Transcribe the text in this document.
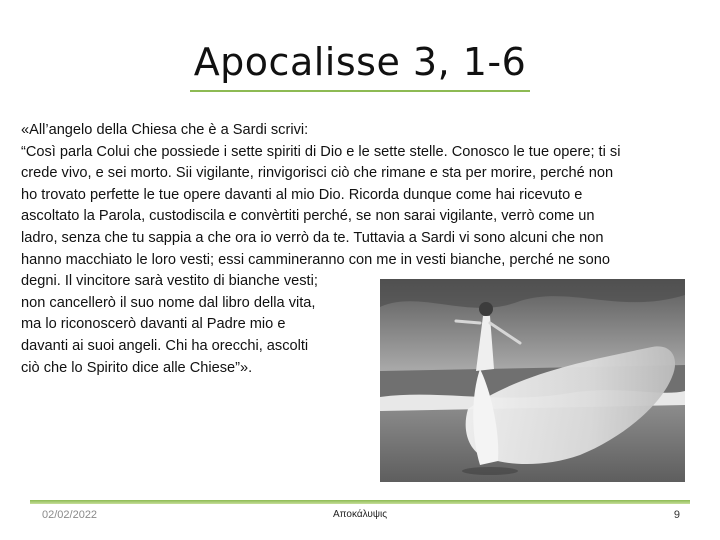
Apocalisse 3, 1-6
«All’angelo della Chiesa che è a Sardi scrivi:
“Così parla Colui che possiede i sette spiriti di Dio e le sette stelle. Conosco le tue opere; ti si
crede vivo, e sei morto. Sii vigilante, rinvigorisci ciò che rimane e sta per morire, perché non
ho trovato perfette le tue opere davanti al mio Dio. Ricorda dunque come hai ricevuto e
ascoltato la Parola, custodiscila e convèrtiti perché, se non sarai vigilante, verrò come un
ladro, senza che tu sappia a che ora io verrò da te. Tuttavia a Sardi vi sono alcuni che non
hanno macchiato le loro vesti; essi cammineranno con me in vesti bianche, perché ne sono
degni. Il vincitore sarà vestito di bianche vesti;
non cancellerò il suo nome dal libro della vita,
ma lo riconoscerò davanti al Padre mio e
davanti ai suoi angeli. Chi ha orecchi, ascolti
ciò che lo Spirito dice alle Chiese”».
02/02/2022	Αποκάλυψις	9
